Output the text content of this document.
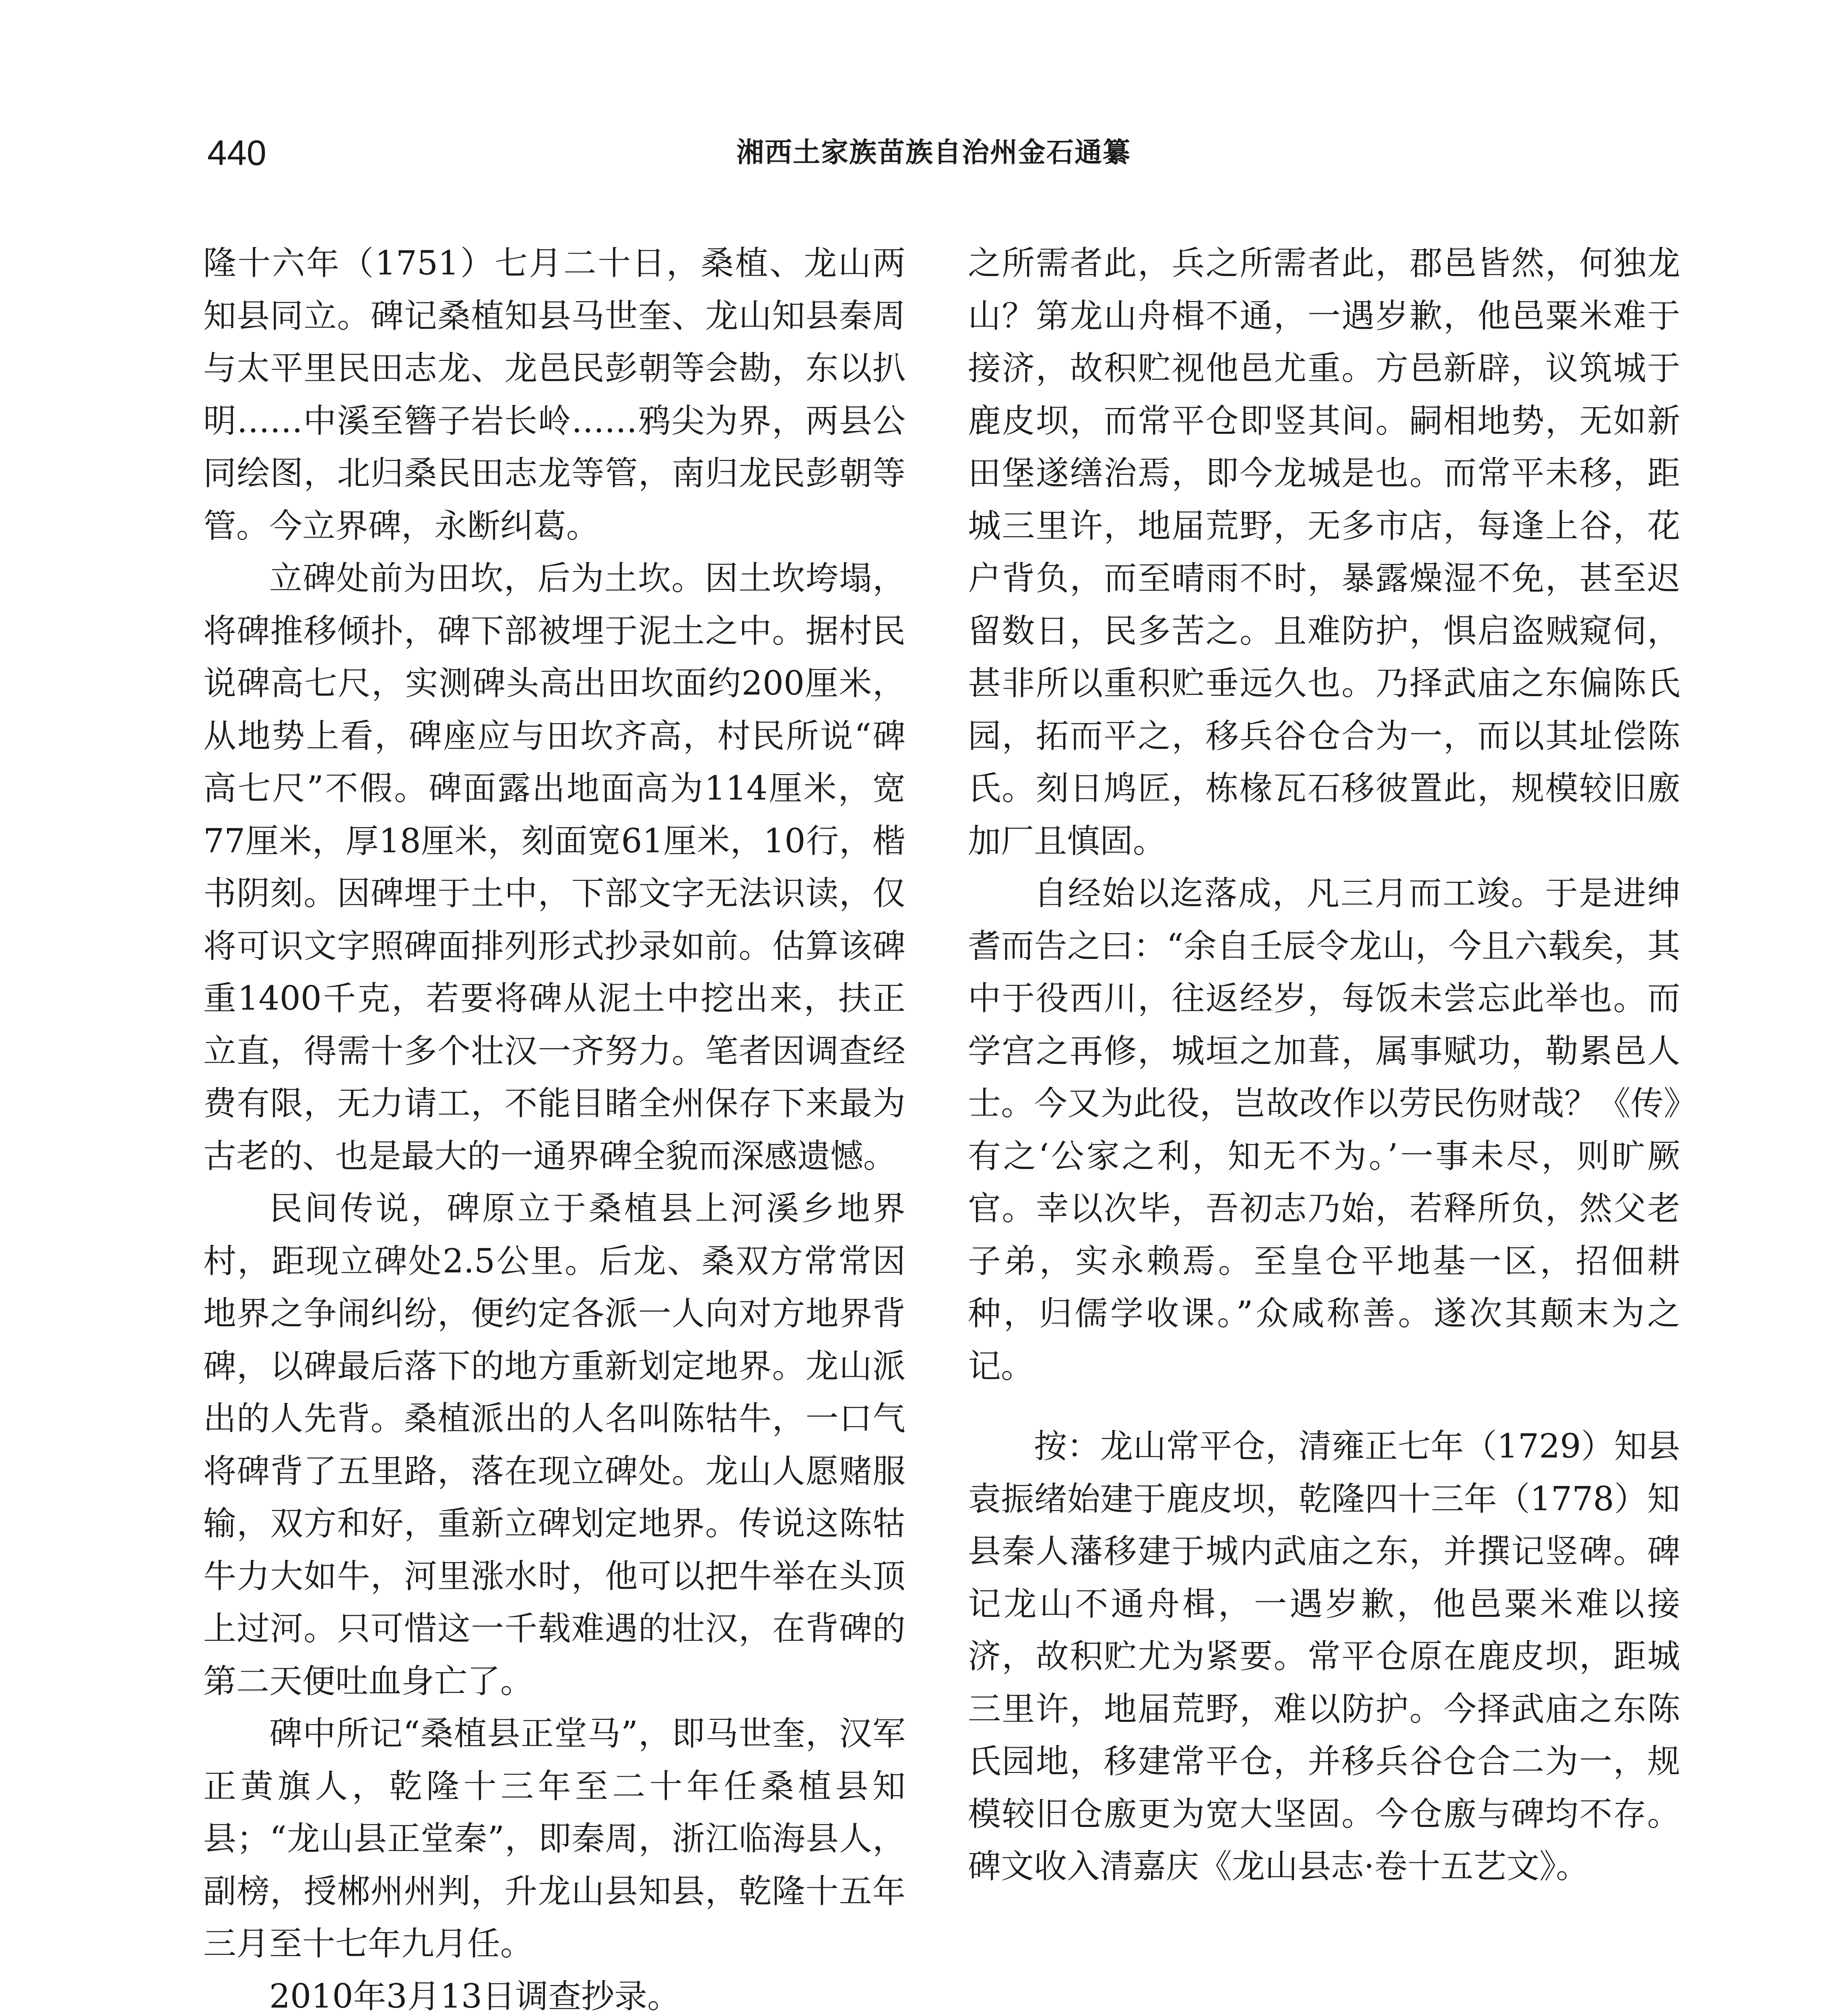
440	湘西土家族苗族自治州金石通纂

隆十六年（1751）七月二十日，桑植、龙山两知县同立。碑记桑植知县马世奎、龙山知县秦周与太平里民田志龙、龙邑民彭朝等会勘，东以扒明……中溪至簪子岩长岭……鸦尖为界，两县公同绘图，北归桑民田志龙等管，南归龙民彭朝等管。今立界碑，永断纠葛。

立碑处前为田坎，后为土坎。因土坎垮塌，将碑推移倾扑，碑下部被埋于泥土之中。据村民说碑高七尺，实测碑头高出田坎面约200厘米，从地势上看，碑座应与田坎齐高，村民所说“碑高七尺”不假。碑面露出地面高为114厘米，宽77厘米，厚18厘米，刻面宽61厘米，10行，楷书阴刻。因碑埋于土中，下部文字无法识读，仅将可识文字照碑面排列形式抄录如前。估算该碑重1400千克，若要将碑从泥土中挖出来，扶正立直，得需十多个壮汉一齐努力。笔者因调查经费有限，无力请工，不能目睹全州保存下来最为古老的、也是最大的一通界碑全貌而深感遗憾。

民间传说，碑原立于桑植县上河溪乡地界村，距现立碑处2.5公里。后龙、桑双方常常因地界之争闹纠纷，便约定各派一人向对方地界背碑，以碑最后落下的地方重新划定地界。龙山派出的人先背。桑植派出的人名叫陈牯牛，一口气将碑背了五里路，落在现立碑处。龙山人愿赌服输，双方和好，重新立碑划定地界。传说这陈牯牛力大如牛，河里涨水时，他可以把牛举在头顶上过河。只可惜这一千载难遇的壮汉，在背碑的第二天便吐血身亡了。

碑中所记“桑植县正堂马”，即马世奎，汉军正黄旗人，乾隆十三年至二十年任桑植县知县；“龙山县正堂秦”，即秦周，浙江临海县人，副榜，授郴州州判，升龙山县知县，乾隆十五年三月至十七年九月任。

2010年3月13日调查抄录。

之所需者此，兵之所需者此，郡邑皆然，何独龙山？第龙山舟楫不通，一遇岁歉，他邑粟米难于接济，故积贮视他邑尤重。方邑新辟，议筑城于鹿皮坝，而常平仓即竖其间。嗣相地势，无如新田堡遂缮治焉，即今龙城是也。而常平未移，距城三里许，地届荒野，无多市店，每逢上谷，花户背负，而至晴雨不时，暴露燥湿不免，甚至迟留数日，民多苦之。且难防护，惧启盗贼窥伺，甚非所以重积贮垂远久也。乃择武庙之东偏陈氏园，拓而平之，移兵谷仓合为一，而以其址偿陈氏。刻日鸠匠，栋椽瓦石移彼置此，规模较旧廒加厂且慎固。

自经始以迄落成，凡三月而工竣。于是进绅耆而告之曰：“余自壬辰令龙山，今且六载矣，其中于役西川，往返经岁，每饭未尝忘此举也。而学宫之再修，城垣之加葺，属事赋功，勒累邑人士。今又为此役，岂故改作以劳民伤财哉？《传》有之‘公家之利，知无不为。’一事未尽，则旷厥官。幸以次毕，吾初志乃始，若释所负，然父老子弟，实永赖焉。至皇仓平地基一区，招佃耕种，归儒学收课。”众咸称善。遂次其颠末为之记。

按：龙山常平仓，清雍正七年（1729）知县袁振绪始建于鹿皮坝，乾隆四十三年（1778）知县秦人藩移建于城内武庙之东，并撰记竖碑。碑记龙山不通舟楫，一遇岁歉，他邑粟米难以接济，故积贮尤为紧要。常平仓原在鹿皮坝，距城三里许，地届荒野，难以防护。今择武庙之东陈氏园地，移建常平仓，并移兵谷仓合二为一，规模较旧仓廒更为宽大坚固。今仓廒与碑均不存。碑文收入清嘉庆《龙山县志·卷十五艺文》。
